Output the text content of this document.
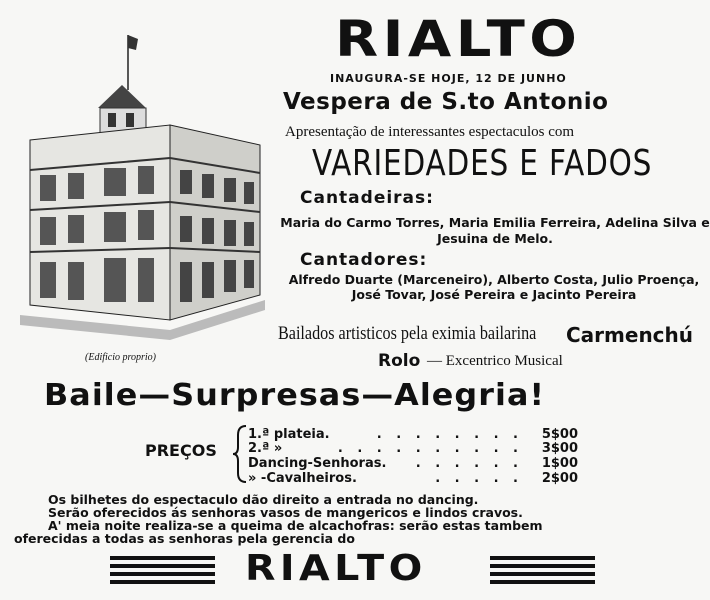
RIALTO
INAUGURA-SE HOJE, 12 DE JUNHO
Vespera de S.to Antonio
Apresentação de interessantes espectaculos com
VARIEDADES E FADOS
Cantadeiras:
Maria do Carmo Torres, Maria Emilia Ferreira, Adelina Silva e Jesuina de Melo.
Cantadores:
Alfredo Duarte (Marceneiro), Alberto Costa, Julio Proença, José Tovar, José Pereira e Jacinto Pereira
Bailados artisticos pela eximia bailarina Carmenchú
Rolo — Excentrico Musical
(Edificio proprio)
Baile—Surpresas—Alegria!
PREÇOS
1.ª plateia.	. . . . . . . . 5$00
2.ª »	. . . . . . . . . . 3$00
Dancing-Senhoras. . . . . . . 1$00
» -Cavalheiros.	. . . . . 2$00
Os bilhetes do espectaculo dão direito a entrada no dancing.
Serão oferecidos ás senhoras vasos de mangericos e lindos cravos.
A' meia noite realiza-se a queima de alcachofras: serão estas tambem
oferecidas a todas as senhoras pela gerencia do
RIALTO
